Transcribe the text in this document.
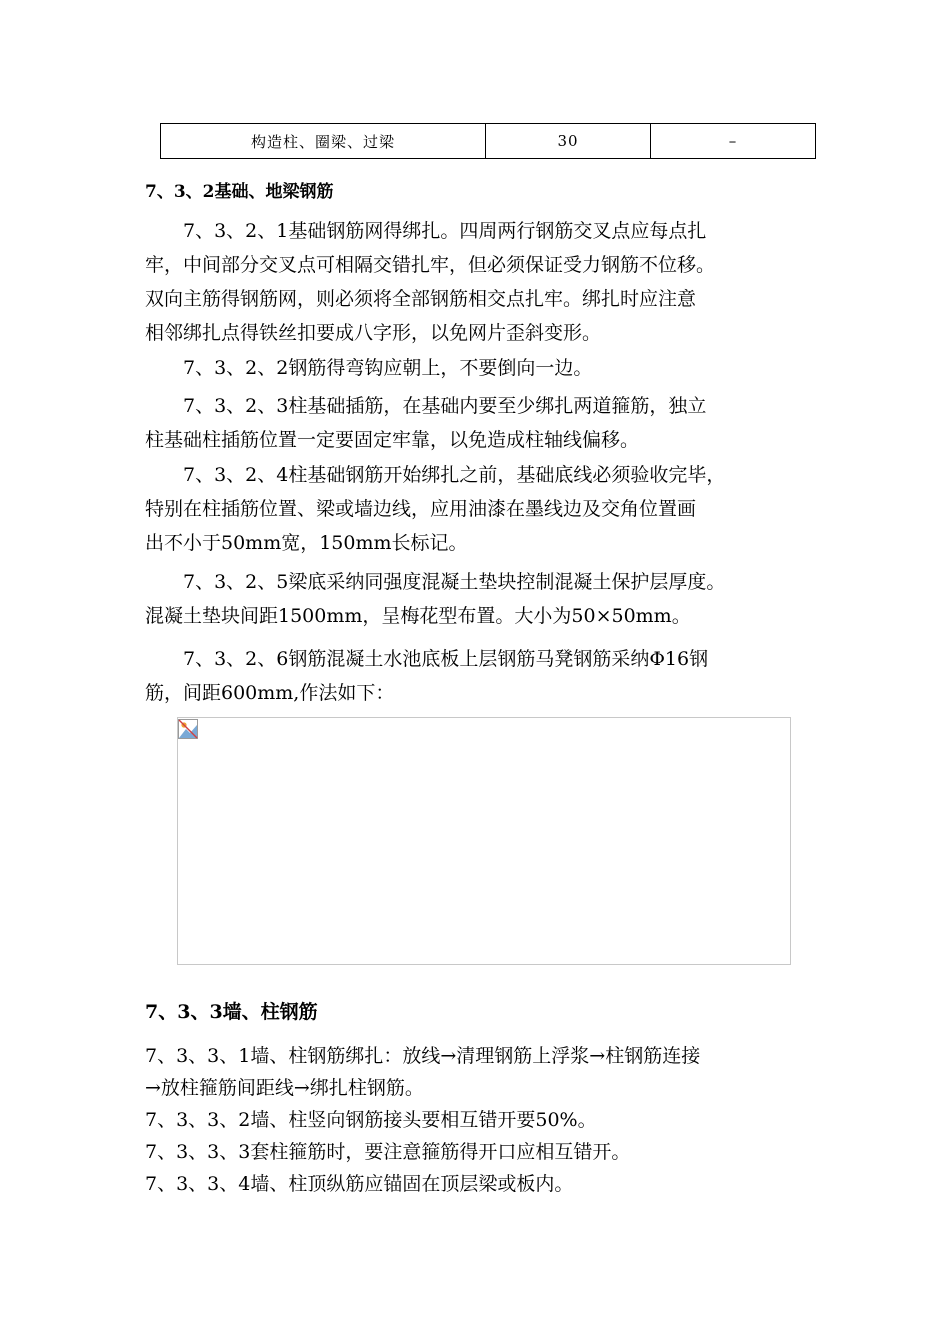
构造柱、圈梁、过梁	30	–
7、3、2基础、地梁钢筋
7、3、2、1基础钢筋网得绑扎。四周两行钢筋交叉点应每点扎
牢，中间部分交叉点可相隔交错扎牢，但必须保证受力钢筋不位移。
双向主筋得钢筋网，则必须将全部钢筋相交点扎牢。绑扎时应注意
相邻绑扎点得铁丝扣要成八字形，以免网片歪斜变形。
7、3、2、2钢筋得弯钩应朝上，不要倒向一边。
7、3、2、3柱基础插筋，在基础内要至少绑扎两道箍筋，独立
柱基础柱插筋位置一定要固定牢靠，以免造成柱轴线偏移。
7、3、2、4柱基础钢筋开始绑扎之前，基础底线必须验收完毕，
特别在柱插筋位置、梁或墙边线，应用油漆在墨线边及交角位置画
出不小于50mm宽，150mm长标记。
7、3、2、5梁底采纳同强度混凝土垫块控制混凝土保护层厚度。
混凝土垫块间距1500mm，呈梅花型布置。大小为50×50mm。
7、3、2、6钢筋混凝土水池底板上层钢筋马凳钢筋采纳Φ16钢
筋，间距600mm,作法如下：
7、3、3墙、柱钢筋
7、3、3、1墙、柱钢筋绑扎：放线→清理钢筋上浮浆→柱钢筋连接
→放柱箍筋间距线→绑扎柱钢筋。
7、3、3、2墙、柱竖向钢筋接头要相互错开要50%。
7、3、3、3套柱箍筋时，要注意箍筋得开口应相互错开。
7、3、3、4墙、柱顶纵筋应锚固在顶层梁或板内。
